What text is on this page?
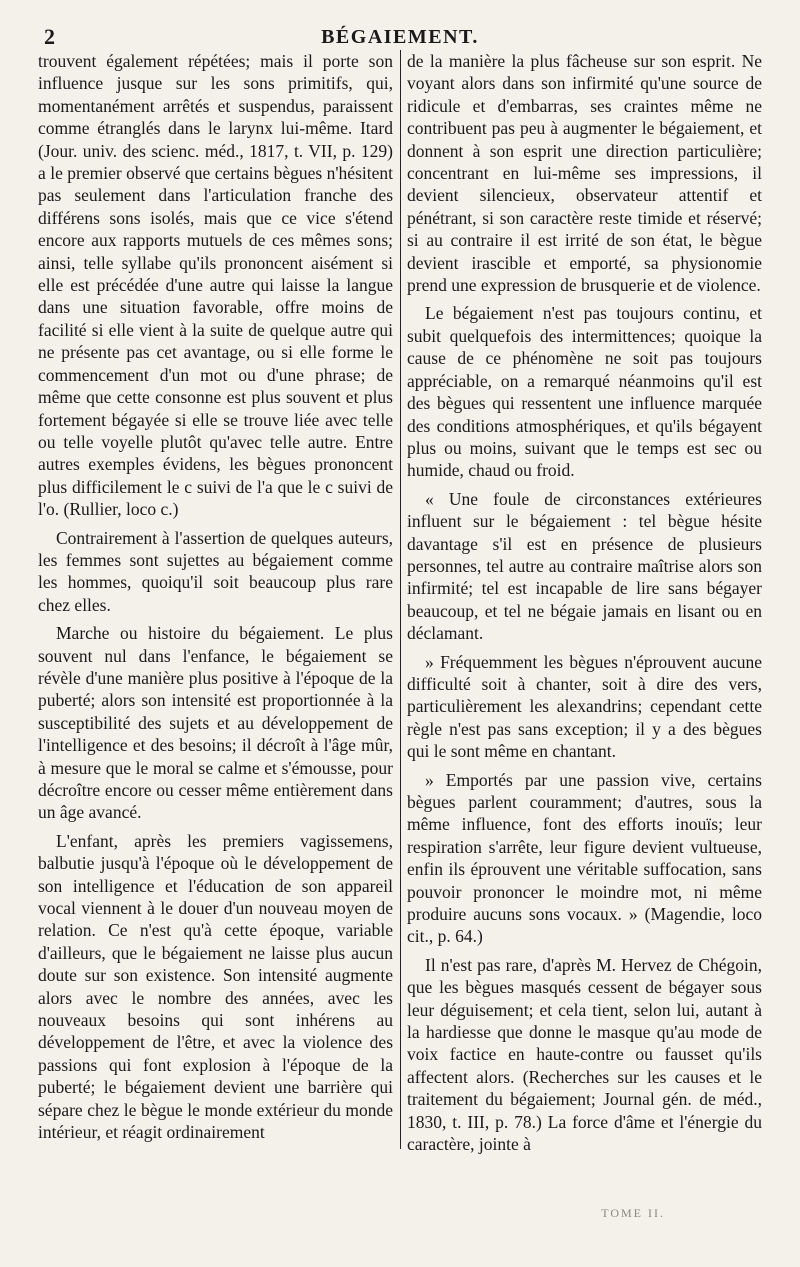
2	BÉGAIEMENT.

trouvent également répétées; mais il porte son influence jusque sur les sons primitifs, qui, momentanément arrêtés et suspendus, paraissent comme étranglés dans le larynx lui-même. Itard (Jour. univ. des scienc. méd., 1817, t. VII, p. 129) a le premier observé que certains bègues n'hésitent pas seulement dans l'articulation franche des différens sons isolés, mais que ce vice s'étend encore aux rapports mutuels de ces mêmes sons; ainsi, telle syllabe qu'ils prononcent aisément si elle est précédée d'une autre qui laisse la langue dans une situation favorable, offre moins de facilité si elle vient à la suite de quelque autre qui ne présente pas cet avantage, ou si elle forme le commencement d'un mot ou d'une phrase; de même que cette consonne est plus souvent et plus fortement bégayée si elle se trouve liée avec telle ou telle voyelle plutôt qu'avec telle autre. Entre autres exemples évidens, les bègues prononcent plus difficilement le c suivi de l'a que le c suivi de l'o. (Rullier, loco c.)

Contrairement à l'assertion de quelques auteurs, les femmes sont sujettes au bégaiement comme les hommes, quoiqu'il soit beaucoup plus rare chez elles.

Marche ou histoire du bégaiement. Le plus souvent nul dans l'enfance, le bégaiement se révèle d'une manière plus positive à l'époque de la puberté; alors son intensité est proportionnée à la susceptibilité des sujets et au développement de l'intelligence et des besoins; il décroît à l'âge mûr, à mesure que le moral se calme et s'émousse, pour décroître encore ou cesser même entièrement dans un âge avancé.

L'enfant, après les premiers vagissemens, balbutie jusqu'à l'époque où le développement de son intelligence et l'éducation de son appareil vocal viennent à le douer d'un nouveau moyen de relation. Ce n'est qu'à cette époque, variable d'ailleurs, que le bégaiement ne laisse plus aucun doute sur son existence. Son intensité augmente alors avec le nombre des années, avec les nouveaux besoins qui sont inhérens au développement de l'être, et avec la violence des passions qui font explosion à l'époque de la puberté; le bégaiement devient une barrière qui sépare chez le bègue le monde extérieur du monde intérieur, et réagit ordinairement

de la manière la plus fâcheuse sur son esprit. Ne voyant alors dans son infirmité qu'une source de ridicule et d'embarras, ses craintes même ne contribuent pas peu à augmenter le bégaiement, et donnent à son esprit une direction particulière; concentrant en lui-même ses impressions, il devient silencieux, observateur attentif et pénétrant, si son caractère reste timide et réservé; si au contraire il est irrité de son état, le bègue devient irascible et emporté, sa physionomie prend une expression de brusquerie et de violence.

Le bégaiement n'est pas toujours continu, et subit quelquefois des intermittences; quoique la cause de ce phénomène ne soit pas toujours appréciable, on a remarqué néanmoins qu'il est des bègues qui ressentent une influence marquée des conditions atmosphériques, et qu'ils bégayent plus ou moins, suivant que le temps est sec ou humide, chaud ou froid.

« Une foule de circonstances extérieures influent sur le bégaiement : tel bègue hésite davantage s'il est en présence de plusieurs personnes, tel autre au contraire maîtrise alors son infirmité; tel est incapable de lire sans bégayer beaucoup, et tel ne bégaie jamais en lisant ou en déclamant.

» Fréquemment les bègues n'éprouvent aucune difficulté soit à chanter, soit à dire des vers, particulièrement les alexandrins; cependant cette règle n'est pas sans exception; il y a des bègues qui le sont même en chantant.

» Emportés par une passion vive, certains bègues parlent couramment; d'autres, sous la même influence, font des efforts inouïs; leur respiration s'arrête, leur figure devient vultueuse, enfin ils éprouvent une véritable suffocation, sans pouvoir prononcer le moindre mot, ni même produire aucuns sons vocaux. » (Magendie, loco cit., p. 64.)

Il n'est pas rare, d'après M. Hervez de Chégoin, que les bègues masqués cessent de bégayer sous leur déguisement; et cela tient, selon lui, autant à la hardiesse que donne le masque qu'au mode de voix factice en haute-contre ou fausset qu'ils affectent alors. (Recherches sur les causes et le traitement du bégaiement; Journal gén. de méd., 1830, t. III, p. 78.) La force d'âme et l'énergie du caractère, jointe à

TOME II.
